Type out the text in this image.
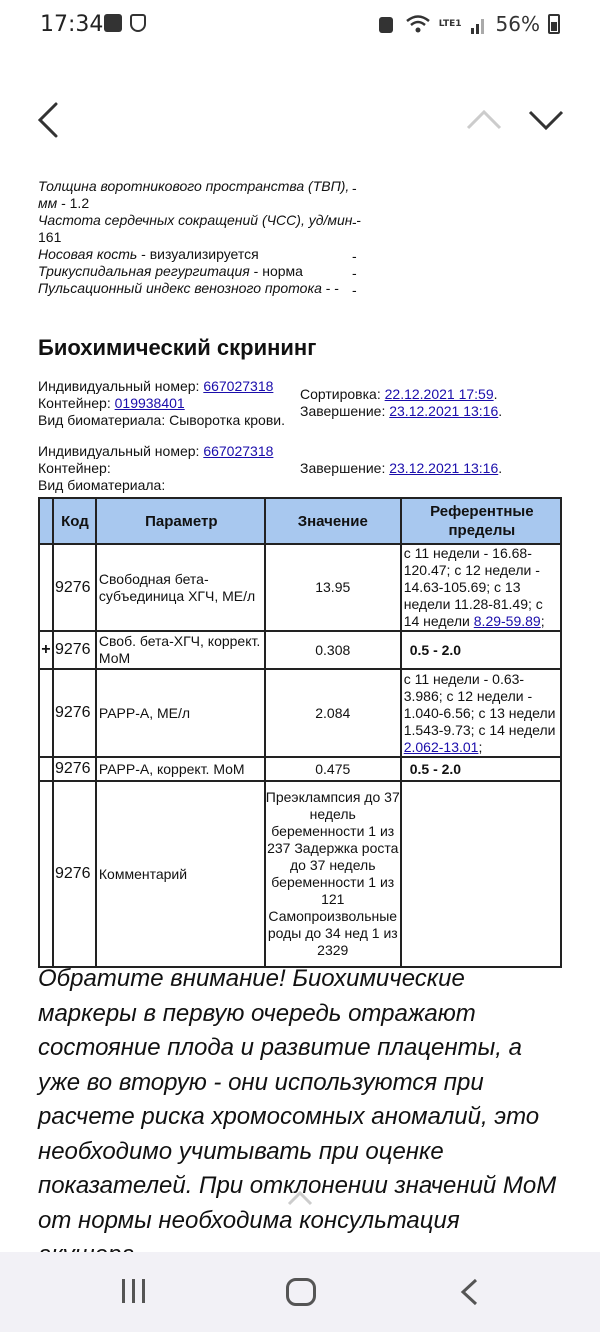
17:34	LTE1 56%
Толщина воротникового пространства (ТВП), мм - 1.2
Частота сердечных сокращений (ЧСС), уд/мин - 161
Носовая кость - визуализируется
Трикуспидальная регургитация - норма
Пульсационный индекс венозного протока - -
-
-
-
-
-
Биохимический скрининг
Индивидуальный номер: 667027318
Контейнер: 019938401
Вид биоматериала: Сыворотка крови.
Сортировка: 22.12.2021 17:59.
Завершение: 23.12.2021 13:16.
Индивидуальный номер: 667027318
Контейнер:
Вид биоматериала:
Завершение: 23.12.2021 13:16.
	Код	Параметр	Значение	Референтные пределы
	9276	Свободная бета-субъединица ХГЧ, МЕ/л	13.95	с 11 недели - 16.68-120.47; с 12 недели - 14.63-105.69; с 13 недели 11.28-81.49; с 14 недели 8.29-59.89;
+	9276	Своб. бета-ХГЧ, коррект. МоМ	0.308	0.5 - 2.0
	9276	PAPP-A, МЕ/л	2.084	с 11 недели - 0.63-3.986; с 12 недели - 1.040-6.56; с 13 недели 1.543-9.73; с 14 недели 2.062-13.01;
	9276	PAPP-A, коррект. МоМ	0.475	0.5 - 2.0
	9276	Комментарий	Преэклампсия до 37 недель беременности 1 из 237 Задержка роста до 37 недель беременности 1 из 121 Самопроизвольные роды до 34 нед 1 из 2329	
Обратите внимание! Биохимические маркеры в первую очередь отражают состояние плода и развитие плаценты, а уже во вторую - они используются при расчете риска хромосомных аномалий, это необходимо учитывать при оценке показателей. При отклонении значений МоМ от нормы необходима консультация
